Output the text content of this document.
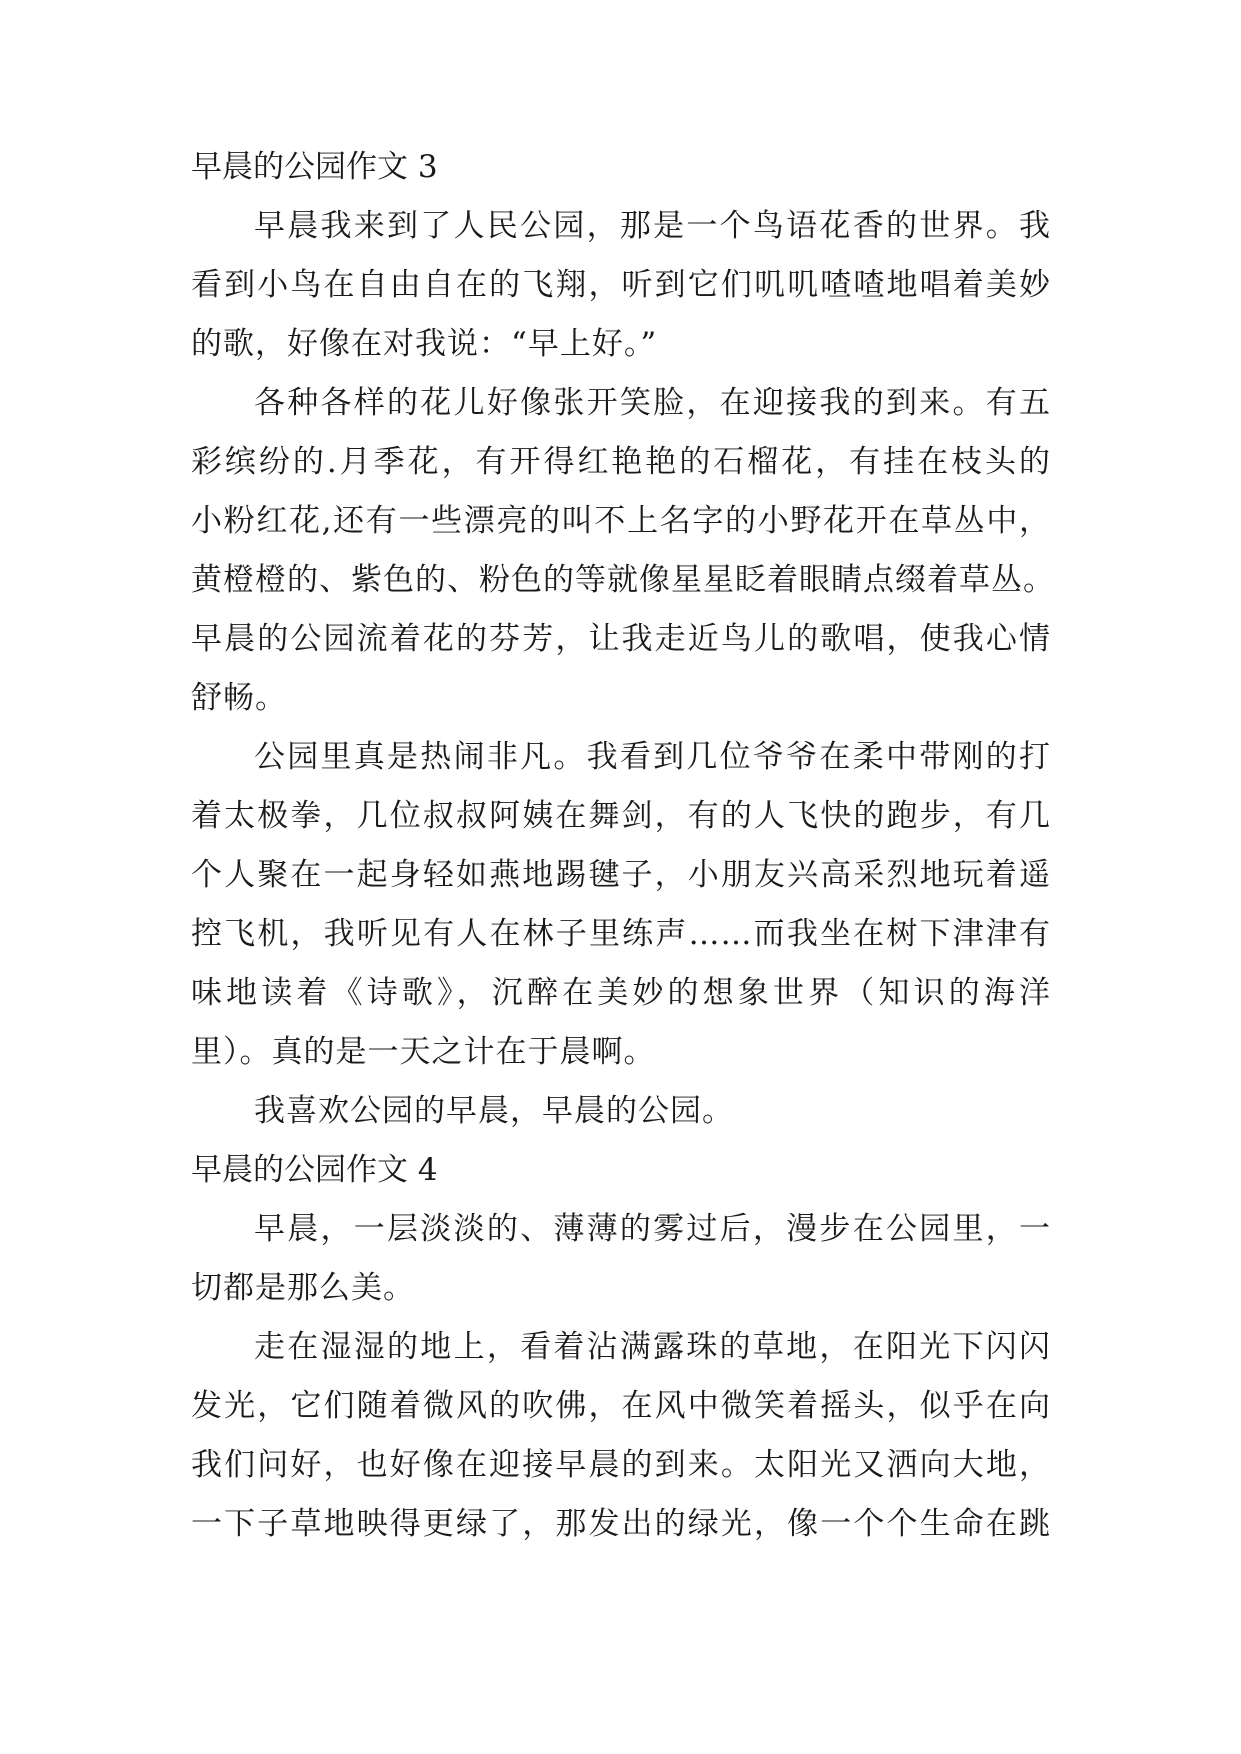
早晨的公园作文 3
早晨我来到了人民公园，那是一个鸟语花香的世界。我
看到小鸟在自由自在的飞翔，听到它们叽叽喳喳地唱着美妙
的歌，好像在对我说：“早上好。”
各种各样的花儿好像张开笑脸，在迎接我的到来。有五
彩缤纷的.月季花，有开得红艳艳的石榴花，有挂在枝头的
小粉红花,还有一些漂亮的叫不上名字的小野花开在草丛中，
黄橙橙的、紫色的、粉色的等就像星星眨着眼睛点缀着草丛。
早晨的公园流着花的芬芳，让我走近鸟儿的歌唱，使我心情
舒畅。
公园里真是热闹非凡。我看到几位爷爷在柔中带刚的打
着太极拳，几位叔叔阿姨在舞剑，有的人飞快的跑步，有几
个人聚在一起身轻如燕地踢毽子，小朋友兴高采烈地玩着遥
控飞机，我听见有人在林子里练声……而我坐在树下津津有
味地读着《诗歌》，沉醉在美妙的想象世界（知识的海洋
里）。真的是一天之计在于晨啊。
我喜欢公园的早晨，早晨的公园。
早晨的公园作文 4
早晨，一层淡淡的、薄薄的雾过后，漫步在公园里，一
切都是那么美。
走在湿湿的地上，看着沾满露珠的草地，在阳光下闪闪
发光，它们随着微风的吹佛，在风中微笑着摇头，似乎在向
我们问好，也好像在迎接早晨的到来。太阳光又洒向大地，
一下子草地映得更绿了，那发出的绿光，像一个个生命在跳
